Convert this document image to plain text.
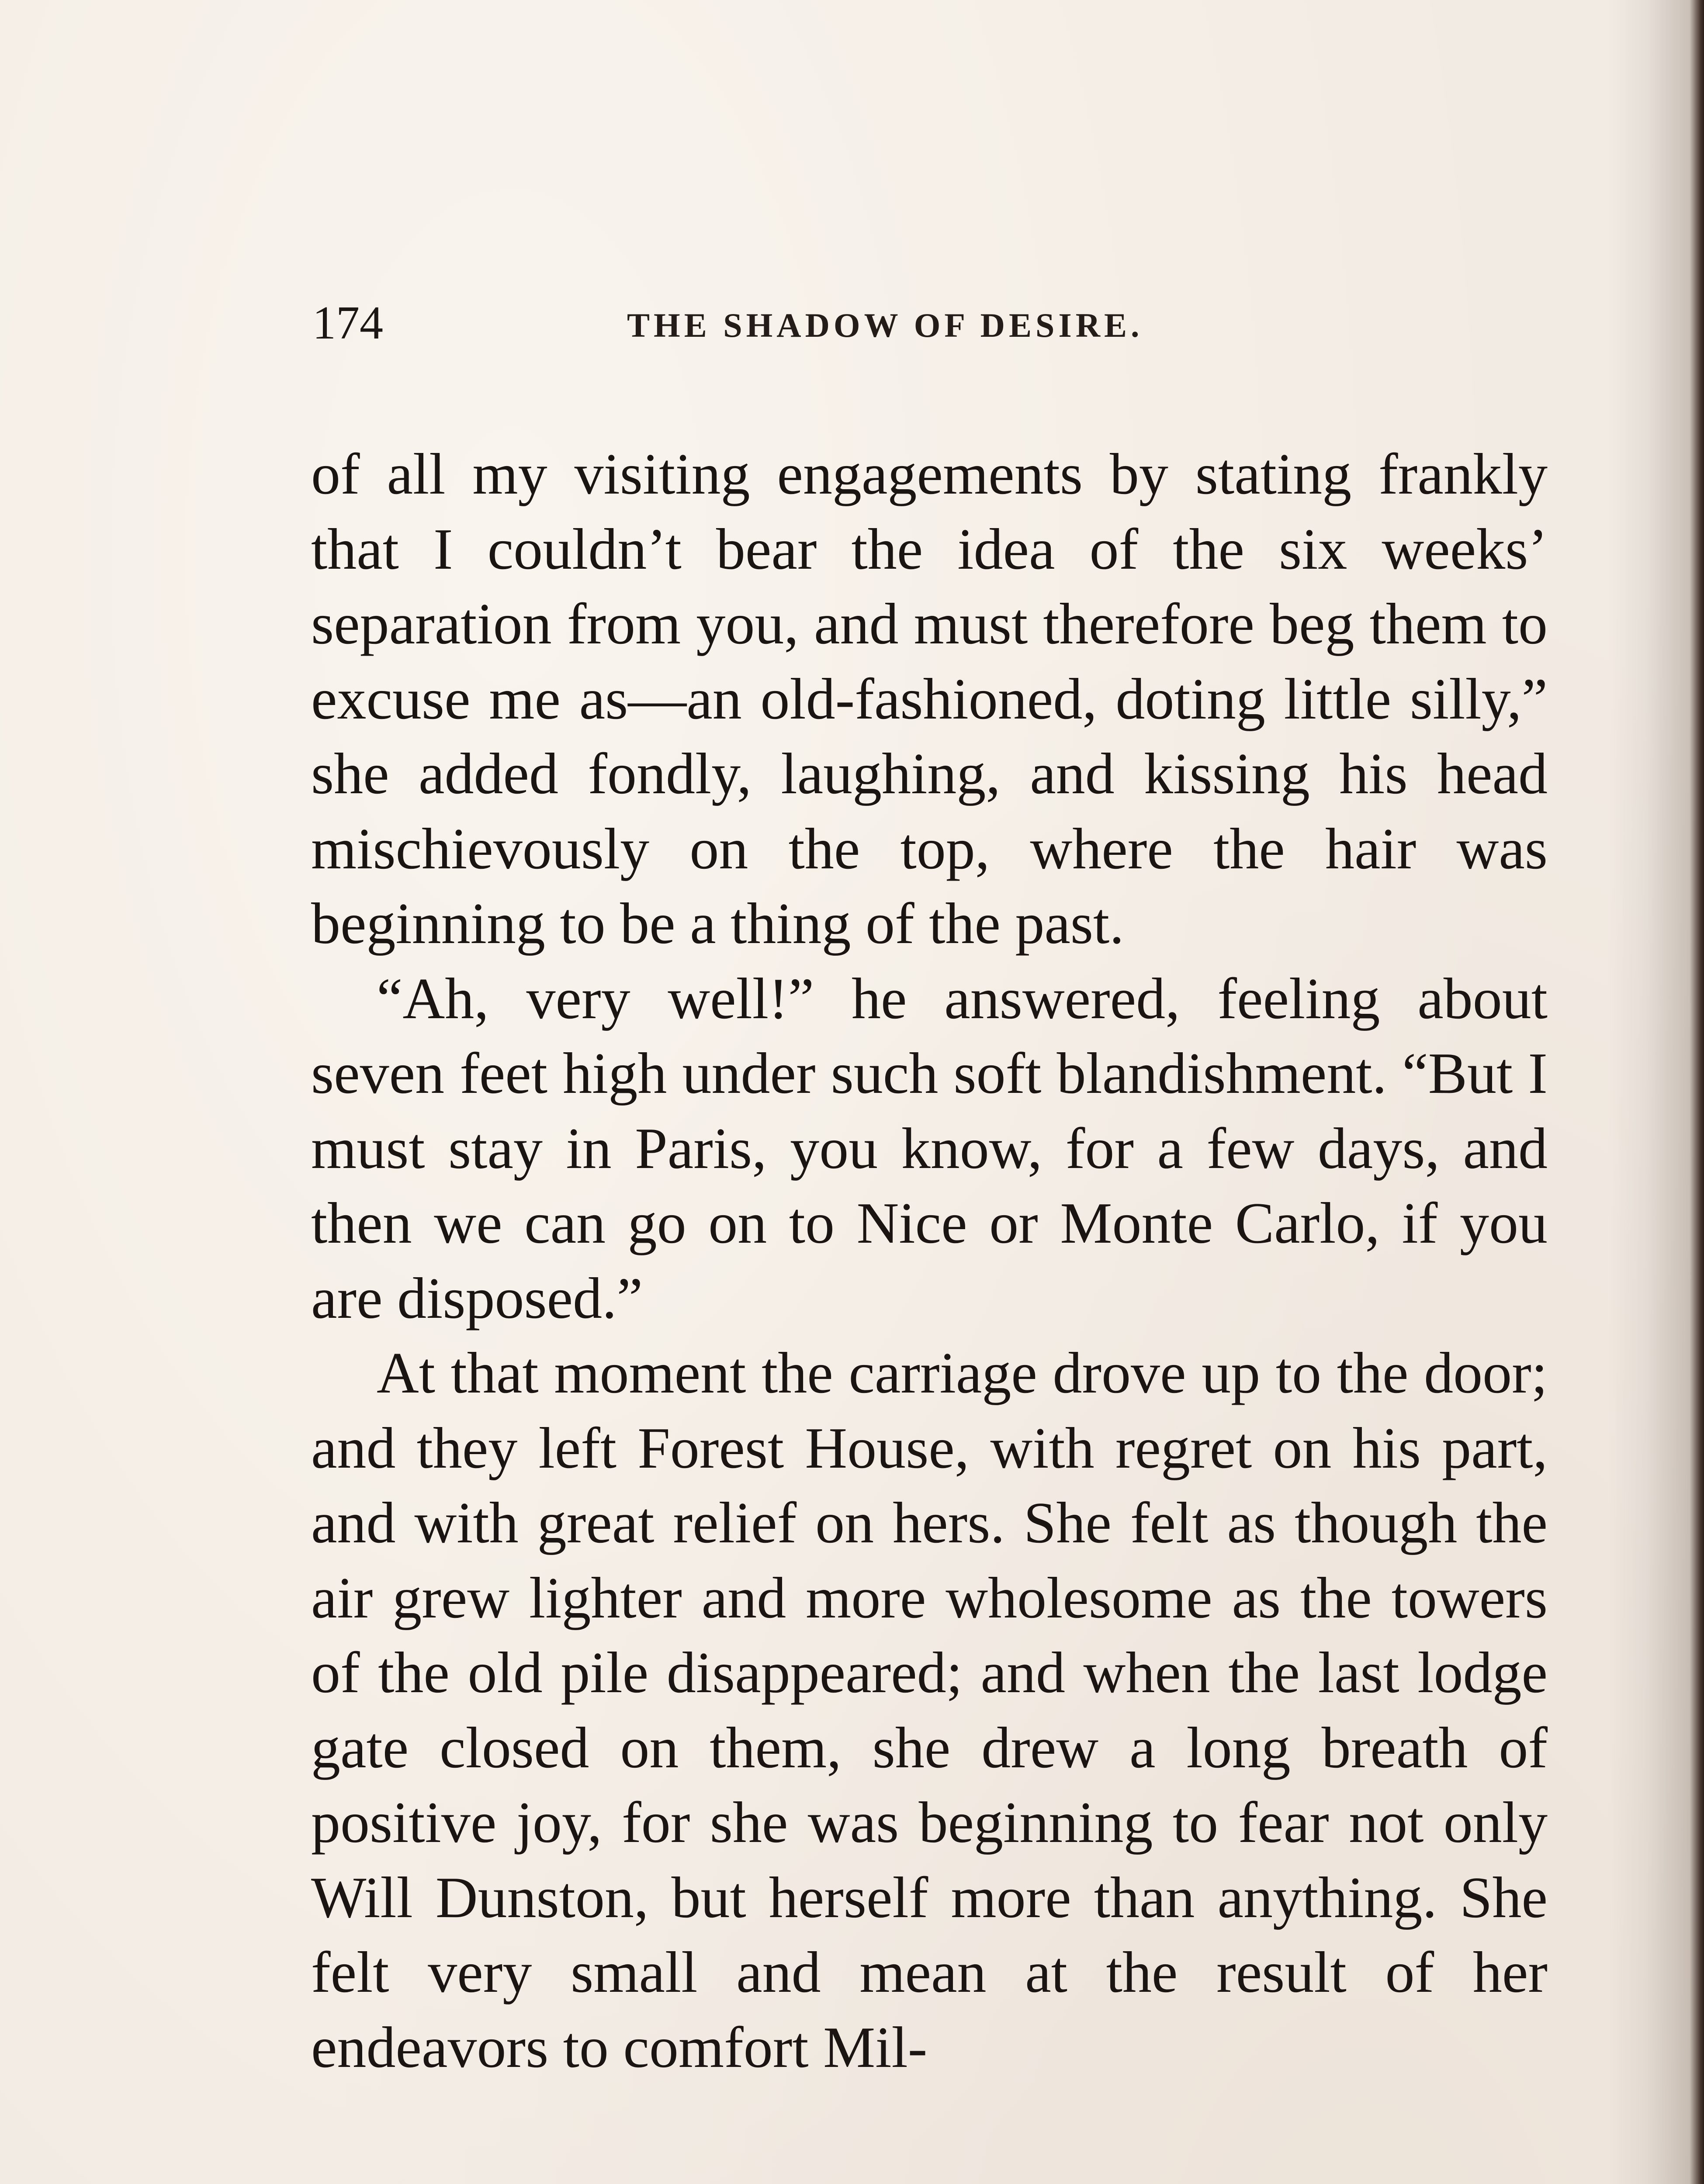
174	THE SHADOW OF DESIRE.

of all my visiting engagements by stating frankly that I couldn’t bear the idea of the six weeks’ separation from you, and must therefore beg them to excuse me as—an old-fashioned, doting little silly,” she added fondly, laughing, and kissing his head mischievously on the top, where the hair was beginning to be a thing of the past.

“Ah, very well!” he answered, feeling about seven feet high under such soft blandishment. “But I must stay in Paris, you know, for a few days, and then we can go on to Nice or Monte Carlo, if you are disposed.”

At that moment the carriage drove up to the door; and they left Forest House, with regret on his part, and with great relief on hers. She felt as though the air grew lighter and more wholesome as the towers of the old pile disappeared; and when the last lodge gate closed on them, she drew a long breath of positive joy, for she was beginning to fear not only Will Dunston, but herself more than anything. She felt very small and mean at the result of her endeavors to comfort Mil-
